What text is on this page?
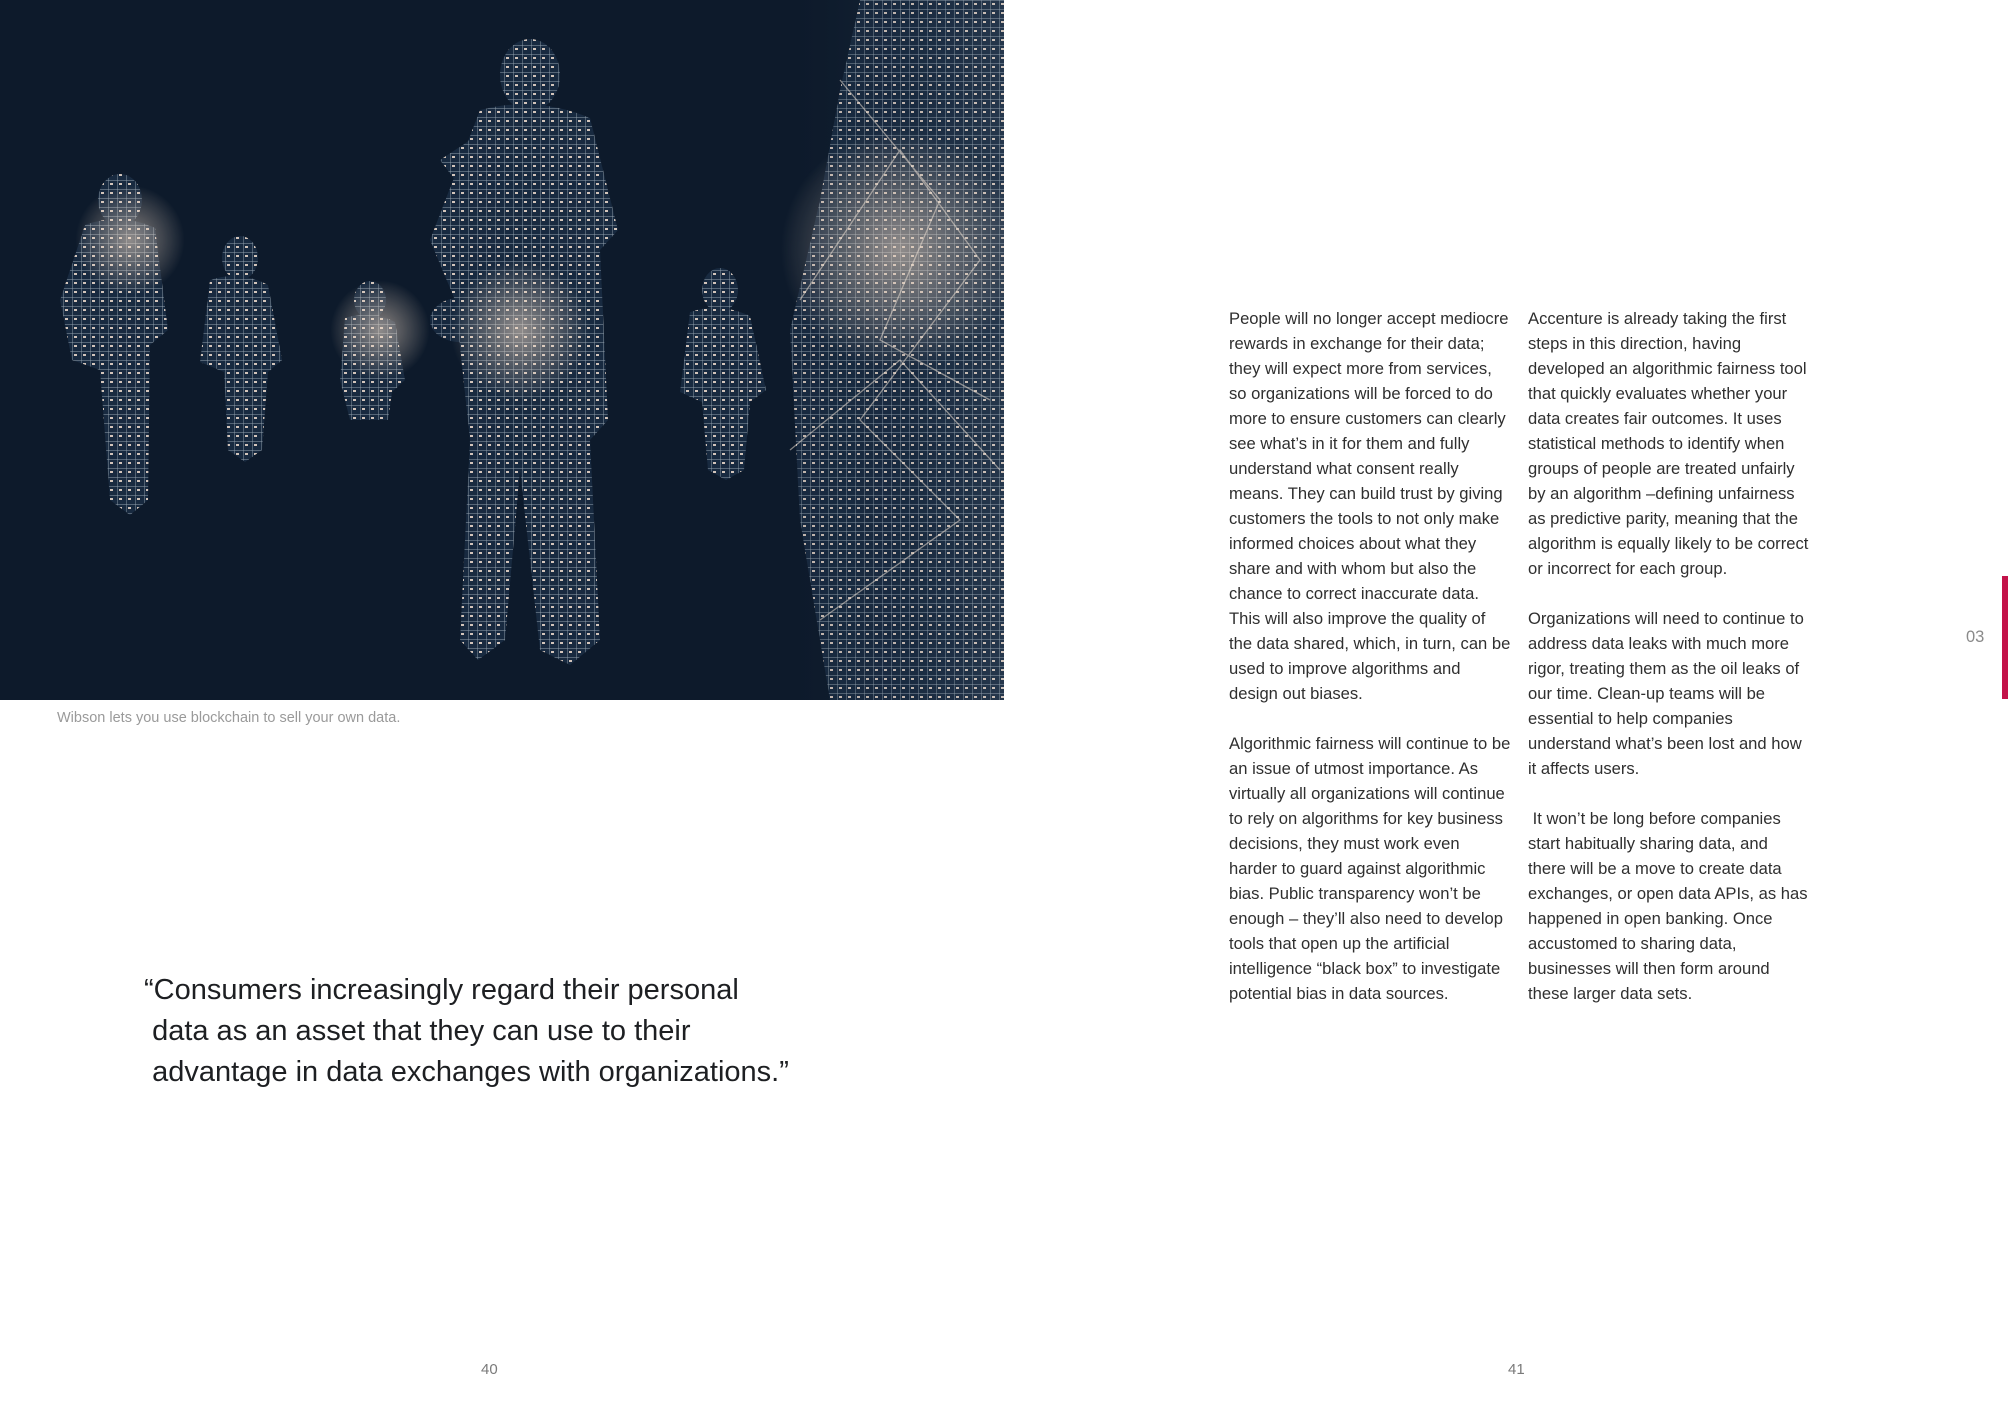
Wibson lets you use blockchain to sell your own data.

“Consumers increasingly regard their personal

data as an asset that they can use to their

advantage in data exchanges with organizations.”

40

People will no longer accept mediocre rewards in exchange for their data; they will expect more from services, so organizations will be forced to do more to ensure customers can clearly see what’s in it for them and fully understand what consent really means. They can build trust by giving customers the tools to not only make informed choices about what they share and with whom but also the chance to correct inaccurate data. This will also improve the quality of the data shared, which, in turn, can be used to improve algorithms and design out biases.

Algorithmic fairness will continue to be an issue of utmost importance. As virtually all organizations will continue to rely on algorithms for key business decisions, they must work even harder to guard against algorithmic bias. Public transparency won’t be enough – they’ll also need to develop tools that open up the artificial intelligence “black box” to investigate potential bias in data sources.

Accenture is already taking the first steps in this direction, having developed an algorithmic fairness tool that quickly evaluates whether your data creates fair outcomes. It uses statistical methods to identify when groups of people are treated unfairly by an algorithm –defining unfairness as predictive parity, meaning that the algorithm is equally likely to be correct or incorrect for each group.

Organizations will need to continue to address data leaks with much more rigor, treating them as the oil leaks of our time. Clean-up teams will be essential to help companies understand what’s been lost and how it affects users.

It won’t be long before companies start habitually sharing data, and there will be a move to create data exchanges, or open data APIs, as has happened in open banking. Once accustomed to sharing data, businesses will then form around these larger data sets.

03
41
